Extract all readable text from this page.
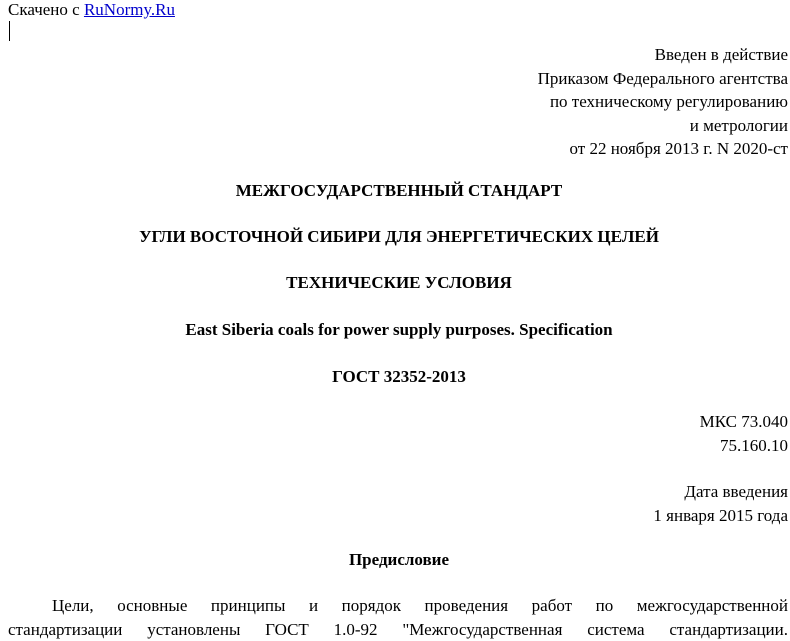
Скачено с RuNormy.Ru
Введен в действие
Приказом Федерального агентства
по техническому регулированию
и метрологии
от 22 ноября 2013 г. N 2020-ст
МЕЖГОСУДАРСТВЕННЫЙ СТАНДАРТ
УГЛИ ВОСТОЧНОЙ СИБИРИ ДЛЯ ЭНЕРГЕТИЧЕСКИХ ЦЕЛЕЙ
ТЕХНИЧЕСКИЕ УСЛОВИЯ
East Siberia coals for power supply purposes. Specification
ГОСТ 32352-2013
МКС 73.040
75.160.10
Дата введения
1 января 2015 года
Предисловие
Цели, основные принципы и порядок проведения работ по межгосударственной
стандартизации установлены ГОСТ 1.0-92 "Межгосударственная система стандартизации.
